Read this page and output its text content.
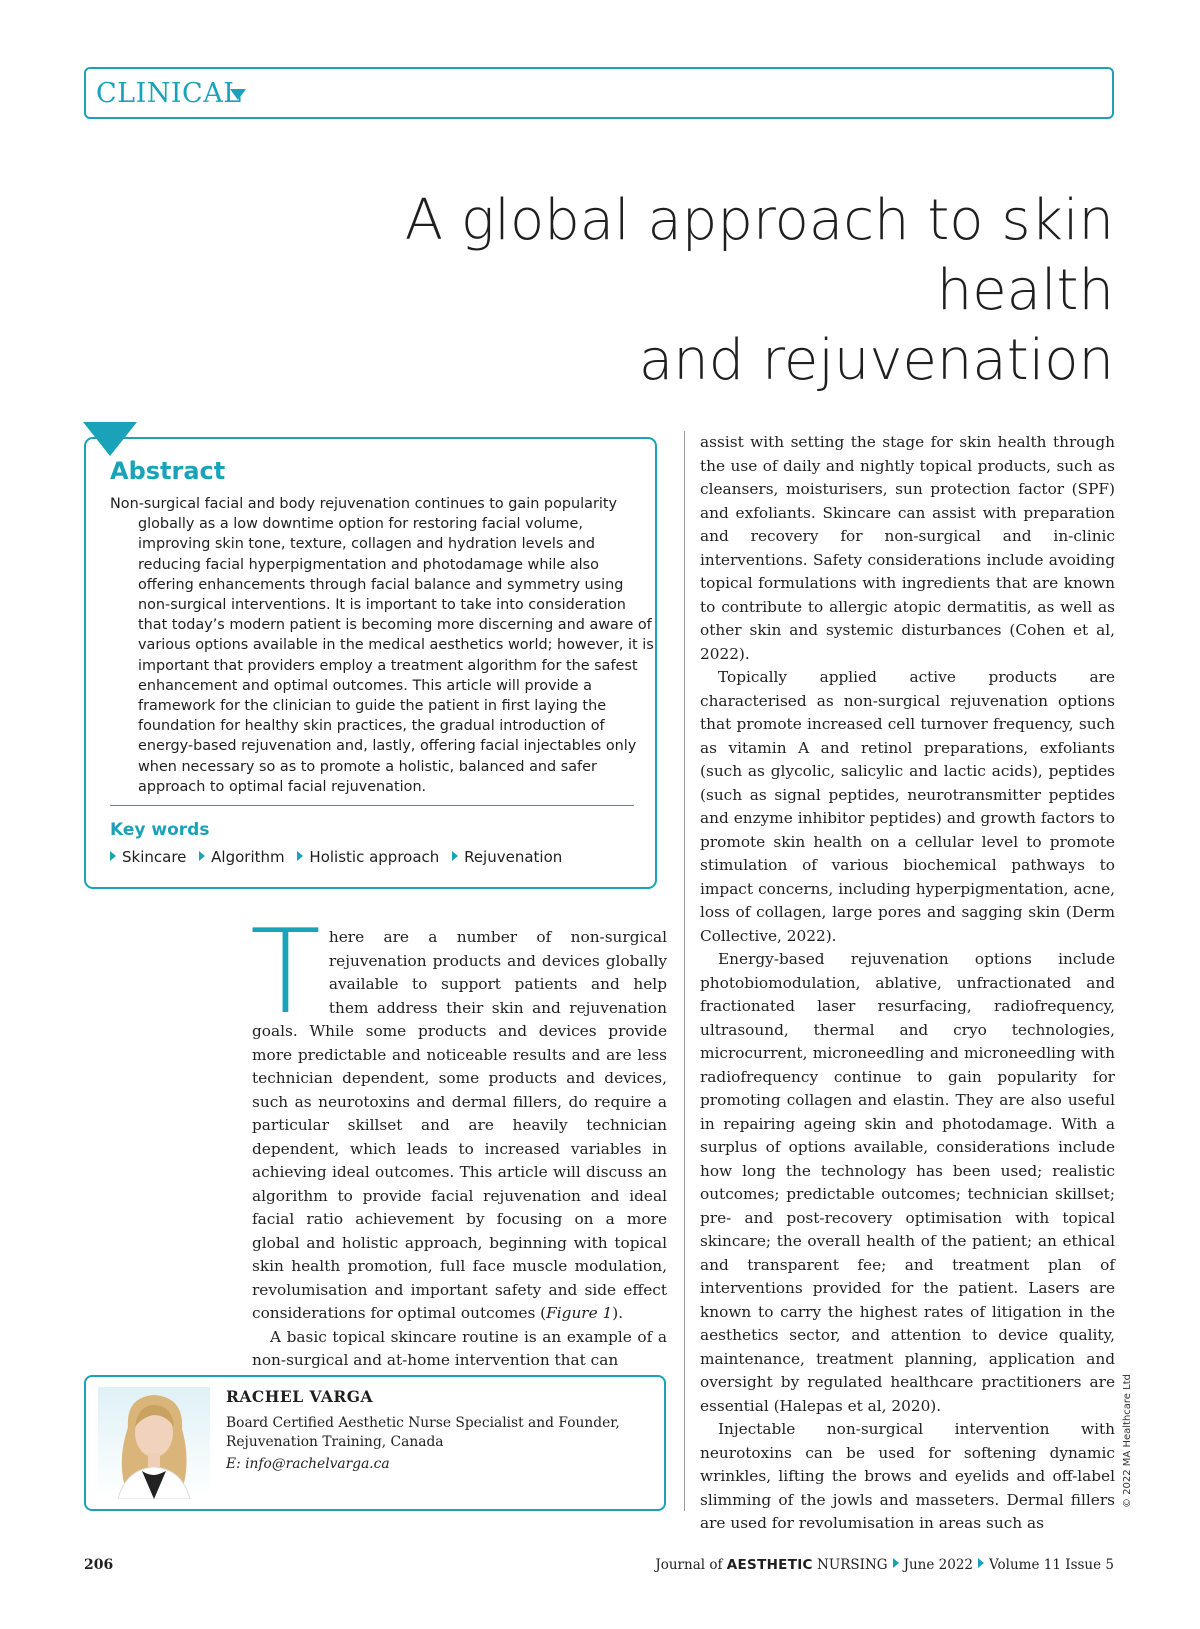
CLINICAL
A global approach to skin health
and rejuvenation
Abstract

Non-surgical facial and body rejuvenation continues to gain popularity globally as a low downtime option for restoring facial volume, improving skin tone, texture, collagen and hydration levels and reducing facial hyperpigmentation and photodamage while also offering enhancements through facial balance and symmetry using non-surgical interventions. It is important to take into consideration that today’s modern patient is becoming more discerning and aware of various options available in the medical aesthetics world; however, it is important that providers employ a treatment algorithm for the safest enhancement and optimal outcomes. This article will provide a framework for the clinician to guide the patient in first laying the foundation for healthy skin practices, the gradual introduction of energy-based rejuvenation and, lastly, offering facial injectables only when necessary so as to promote a holistic, balanced and safer approach to optimal facial rejuvenation.

Key words
Skincare Algorithm Holistic approach Rejuvenation

There are a number of non-surgical rejuvenation products and devices globally available to support patients and help them address their skin and rejuvenation goals. While some products and devices provide more predictable and noticeable results and are less technician dependent, some products and devices, such as neurotoxins and dermal fillers, do require a particular skillset and are heavily technician dependent, which leads to increased variables in achieving ideal outcomes. This article will discuss an algorithm to provide facial rejuvenation and ideal facial ratio achievement by focusing on a more global and holistic approach, beginning with topical skin health promotion, full face muscle modulation, revolumisation and important safety and side effect considerations for optimal outcomes (Figure 1).

A basic topical skincare routine is an example of a non-surgical and at-home intervention that can

assist with setting the stage for skin health through the use of daily and nightly topical products, such as cleansers, moisturisers, sun protection factor (SPF) and exfoliants. Skincare can assist with preparation and recovery for non-surgical and in-clinic interventions. Safety considerations include avoiding topical formulations with ingredients that are known to contribute to allergic atopic dermatitis, as well as other skin and systemic disturbances (Cohen et al, 2022).

Topically applied active products are characterised as non-surgical rejuvenation options that promote increased cell turnover frequency, such as vitamin A and retinol preparations, exfoliants (such as glycolic, salicylic and lactic acids), peptides (such as signal peptides, neurotransmitter peptides and enzyme inhibitor peptides) and growth factors to promote skin health on a cellular level to promote stimulation of various biochemical pathways to impact concerns, including hyperpigmentation, acne, loss of collagen, large pores and sagging skin (Derm Collective, 2022).

Energy-based rejuvenation options include photobiomodulation, ablative, unfractionated and fractionated laser resurfacing, radiofrequency, ultrasound, thermal and cryo technologies, microcurrent, microneedling and microneedling with radiofrequency continue to gain popularity for promoting collagen and elastin. They are also useful in repairing ageing skin and photodamage. With a surplus of options available, considerations include how long the technology has been used; realistic outcomes; predictable outcomes; technician skillset; pre- and post-recovery optimisation with topical skincare; the overall health of the patient; an ethical and transparent fee; and treatment plan of interventions provided for the patient. Lasers are known to carry the highest rates of litigation in the aesthetics sector, and attention to device quality, maintenance, treatment planning, application and oversight by regulated healthcare practitioners are essential (Halepas et al, 2020).

Injectable non-surgical intervention with neurotoxins can be used for softening dynamic wrinkles, lifting the brows and eyelids and off-label slimming of the jowls and masseters. Dermal fillers are used for revolumisation in areas such as

RACHEL VARGA

Board Certified Aesthetic Nurse Specialist and Founder, Rejuvenation Training, Canada

E: info@rachelvarga.ca	© 2022 MA Healthcare Ltd

206	Journal of AESTHETIC NURSING June 2022 Volume 11 Issue 5
